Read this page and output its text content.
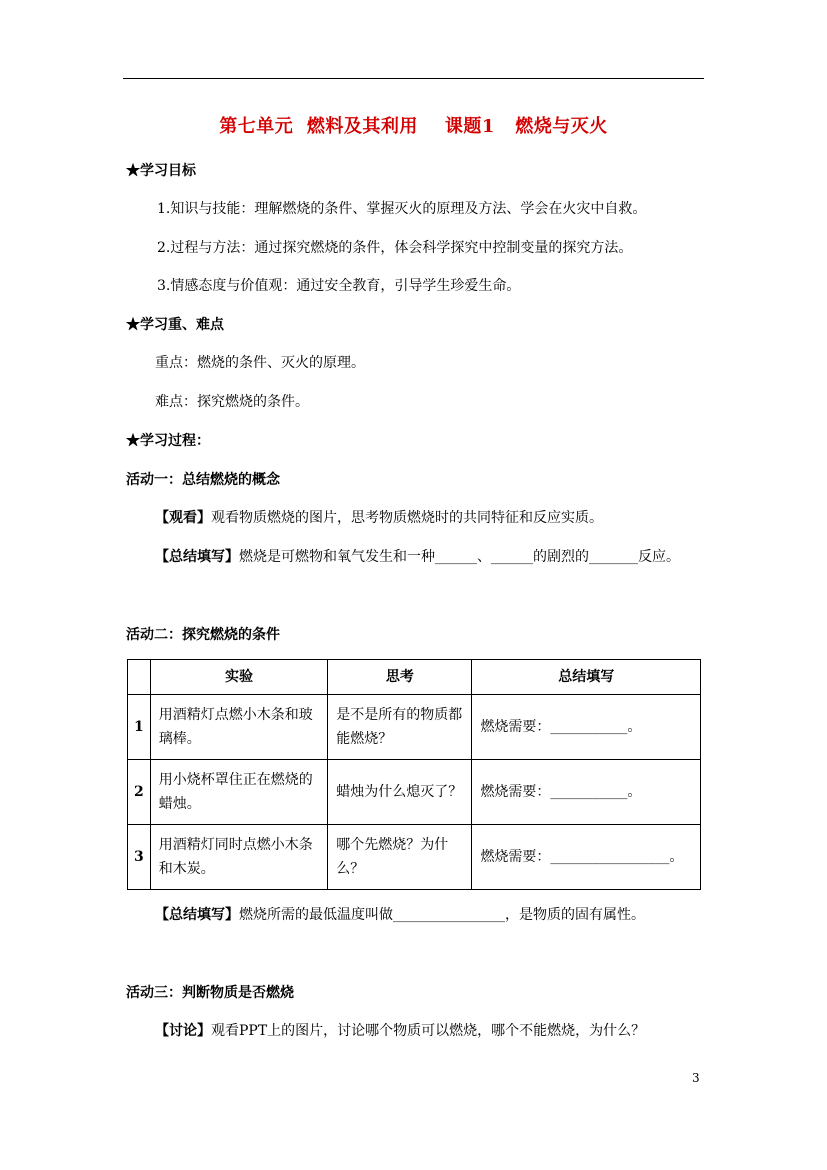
第七单元  燃料及其利用    课题1   燃烧与灭火
★学习目标
1.知识与技能：理解燃烧的条件、掌握灭火的原理及方法、学会在火灾中自救。
2.过程与方法：通过探究燃烧的条件，体会科学探究中控制变量的探究方法。
3.情感态度与价值观：通过安全教育，引导学生珍爱生命。
★学习重、难点
重点：燃烧的条件、灭火的原理。
难点：探究燃烧的条件。
★学习过程：
活动一：总结燃烧的概念
【观看】观看物质燃烧的图片，思考物质燃烧时的共同特征和反应实质。
【总结填写】燃烧是可燃物和氧气发生和一种______、______的剧烈的_______反应。
活动二：探究燃烧的条件
	实验	思考	总结填写
1	用酒精灯点燃小木条和玻璃棒。	是不是所有的物质都能燃烧？	燃烧需要：___________。
2	用小烧杯罩住正在燃烧的蜡烛。	蜡烛为什么熄灭了？	燃烧需要：___________。
3	用酒精灯同时点燃小木条和木炭。	哪个先燃烧？为什么？	燃烧需要：_________________。
【总结填写】燃烧所需的最低温度叫做________________，是物质的固有属性。
活动三：判断物质是否燃烧
【讨论】观看PPT上的图片，讨论哪个物质可以燃烧，哪个不能燃烧，为什么？
3
